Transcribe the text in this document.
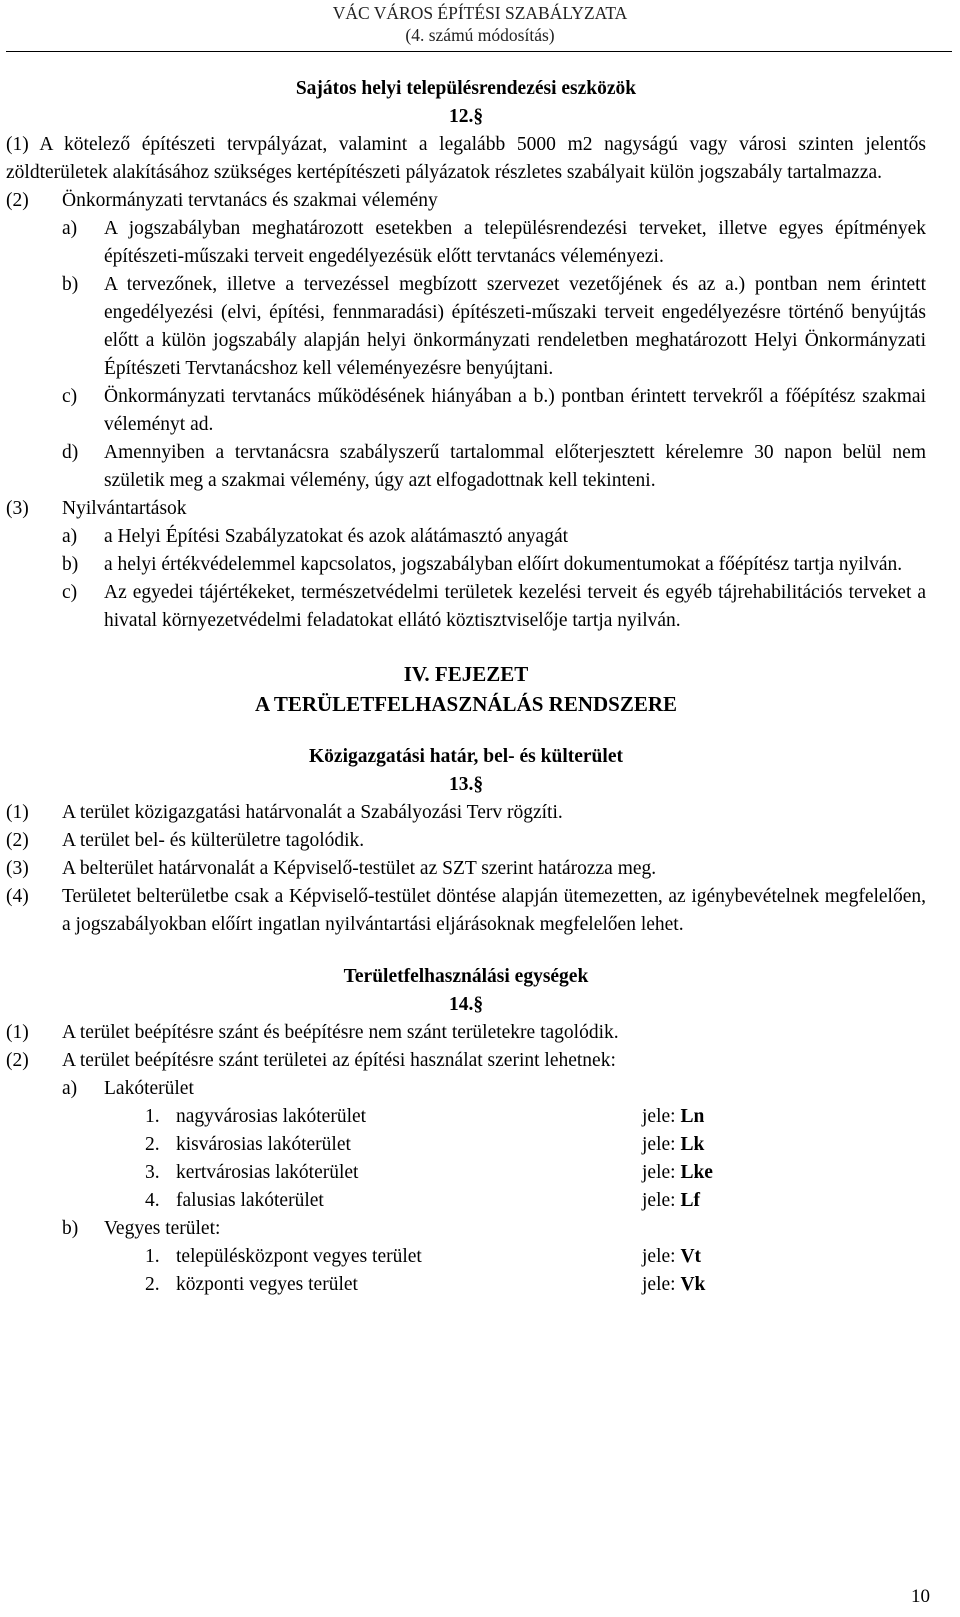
VÁC VÁROS ÉPÍTÉSI SZABÁLYZATA
(4. számú módosítás)
Sajátos helyi településrendezési eszközök
12.§
(1) A kötelező építészeti tervpályázat, valamint a legalább 5000 m2 nagyságú vagy városi szinten jelentős zöldterületek alakításához szükséges kertépítészeti pályázatok részletes szabályait külön jogszabály tartalmazza.
(2) Önkormányzati tervtanács és szakmai vélemény
a) A jogszabályban meghatározott esetekben a településrendezési terveket, illetve egyes építmények építészeti-műszaki terveit engedélyezésük előtt tervtanács véleményezi.
b) A tervezőnek, illetve a tervezéssel megbízott szervezet vezetőjének és az a.) pontban nem érintett engedélyezési (elvi, építési, fennmaradási) építészeti-műszaki terveit engedélyezésre történő benyújtás előtt a külön jogszabály alapján helyi önkormányzati rendeletben meghatározott Helyi Önkormányzati Építészeti Tervtanácshoz kell véleményezésre benyújtani.
c) Önkormányzati tervtanács működésének hiányában a b.) pontban érintett tervekről a főépítész szakmai véleményt ad.
d) Amennyiben a tervtanácsra szabályszerű tartalommal előterjesztett kérelemre 30 napon belül nem születik meg a szakmai vélemény, úgy azt elfogadottnak kell tekinteni.
(3) Nyilvántartások
a) a Helyi Építési Szabályzatokat és azok alátámasztó anyagát
b) a helyi értékvédelemmel kapcsolatos, jogszabályban előírt dokumentumokat a főépítész tartja nyilván.
c) Az egyedei tájértékeket, természetvédelmi területek kezelési terveit és egyéb tájrehabilitációs terveket a hivatal környezetvédelmi feladatokat ellátó köztisztviselője tartja nyilván.
IV. FEJEZET
A TERÜLETFELHASZNÁLÁS RENDSZERE
Közigazgatási határ, bel- és külterület
13.§
(1) A terület közigazgatási határvonalát a Szabályozási Terv rögzíti.
(2) A terület bel- és külterületre tagolódik.
(3) A belterület határvonalát a Képviselő-testület az SZT szerint határozza meg.
(4) Területet belterületbe csak a Képviselő-testület döntése alapján ütemezetten, az igénybevételnek megfelelően, a jogszabályokban előírt ingatlan nyilvántartási eljárásoknak megfelelően lehet.
Területfelhasználási egységek
14.§
(1) A terület beépítésre szánt és beépítésre nem szánt területekre tagolódik.
(2) A terület beépítésre szánt területei az építési használat szerint lehetnek:
a) Lakóterület
1. nagyvárosias lakóterület	jele: Ln
2. kisvárosias lakóterület	jele: Lk
3. kertvárosias lakóterület	jele: Lke
4. falusias lakóterület	jele: Lf
b) Vegyes terület:
1. településközpont vegyes terület	jele: Vt
2. központi vegyes terület	jele: Vk
10
